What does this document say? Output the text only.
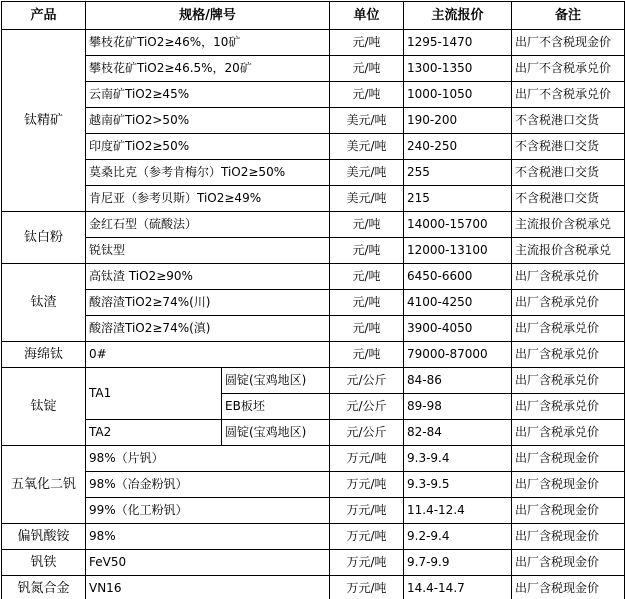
产品	规格/牌号		单位	主流报价	备注
钛精矿	攀枝花矿TiO2≥46%，10矿		元/吨	1295-1470	出厂不含税现金价
	攀枝花矿TiO2≥46.5%，20矿		元/吨	1300-1350	出厂不含税承兑价
	云南矿TiO2≥45%		元/吨	1000-1050	出厂不含税承兑价
	越南矿TiO2>50%		美元/吨	190-200	不含税港口交货
	印度矿TiO2≥50%		美元/吨	240-250	不含税港口交货
	莫桑比克（参考肯梅尔）TiO2≥50%		美元/吨	255	不含税港口交货
	肯尼亚（参考贝斯）TiO2≥49%		美元/吨	215	不含税港口交货
钛白粉	金红石型（硫酸法）		元/吨	14000-15700	主流报价含税承兑
	锐钛型		元/吨	12000-13100	主流报价含税承兑
钛渣	高钛渣 TiO2≥90%		元/吨	6450-6600	出厂含税承兑价
	酸溶渣TiO2≥74%(川)		元/吨	4100-4250	出厂含税承兑价
	酸溶渣TiO2≥74%(滇)		元/吨	3900-4050	出厂含税承兑价
海绵钛	0#		元/吨	79000-87000	出厂含税承兑价
钛锭	TA1	圆锭(宝鸡地区)	元/公斤	84-86	出厂含税承兑价
		EB板坯	元/公斤	89-98	出厂含税承兑价
	TA2	圆锭(宝鸡地区)	元/公斤	82-84	出厂含税承兑价
五氧化二钒	98%（片钒）		万元/吨	9.3-9.4	出厂含税现金价
	98%（冶金粉钒）		万元/吨	9.3-9.5	出厂含税现金价
	99%（化工粉钒）		万元/吨	11.4-12.4	出厂含税现金价
偏钒酸铵	98%		万元/吨	9.2-9.4	出厂含税现金价
钒铁	FeV50		万元/吨	9.7-9.9	出厂含税现金价
钒氮合金	VN16		万元/吨	14.4-14.7	出厂含税现金价
